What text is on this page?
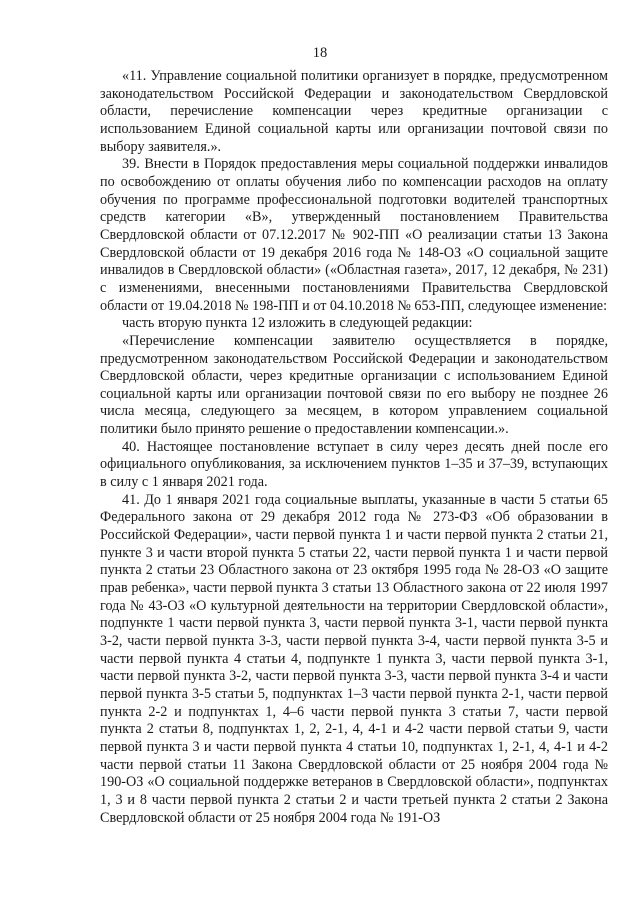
18

«11. Управление социальной политики организует в порядке, предусмотренном законодательством Российской Федерации и законодательством Свердловской области, перечисление компенсации через кредитные организации с использованием Единой социальной карты или организации почтовой связи по выбору заявителя.».

39. Внести в Порядок предоставления меры социальной поддержки инвалидов по освобождению от оплаты обучения либо по компенсации расходов на оплату обучения по программе профессиональной подготовки водителей транспортных средств категории «В», утвержденный постановлением Правительства Свердловской области от 07.12.2017 № 902-ПП «О реализации статьи 13 Закона Свердловской области от 19 декабря 2016 года № 148-ОЗ «О социальной защите инвалидов в Свердловской области» («Областная газета», 2017, 12 декабря, № 231) с изменениями, внесенными постановлениями Правительства Свердловской области от 19.04.2018 № 198-ПП и от 04.10.2018 № 653-ПП, следующее изменение:

часть вторую пункта 12 изложить в следующей редакции:

«Перечисление компенсации заявителю осуществляется в порядке, предусмотренном законодательством Российской Федерации и законодательством Свердловской области, через кредитные организации с использованием Единой социальной карты или организации почтовой связи по его выбору не позднее 26 числа месяца, следующего за месяцем, в котором управлением социальной политики было принято решение о предоставлении компенсации.».

40. Настоящее постановление вступает в силу через десять дней после его официального опубликования, за исключением пунктов 1–35 и 37–39, вступающих в силу с 1 января 2021 года.

41. До 1 января 2021 года социальные выплаты, указанные в части 5 статьи 65 Федерального закона от 29 декабря 2012 года № 273-ФЗ «Об образовании в Российской Федерации», части первой пункта 1 и части первой пункта 2 статьи 21, пункте 3 и части второй пункта 5 статьи 22, части первой пункта 1 и части первой пункта 2 статьи 23 Областного закона от 23 октября 1995 года № 28-ОЗ «О защите прав ребенка», части первой пункта 3 статьи 13 Областного закона от 22 июля 1997 года № 43-ОЗ «О культурной деятельности на территории Свердловской области», подпункте 1 части первой пункта 3, части первой пункта 3-1, части первой пункта 3-2, части первой пункта 3-3, части первой пункта 3-4, части первой пункта 3-5 и части первой пункта 4 статьи 4, подпункте 1 пункта 3, части первой пункта 3-1, части первой пункта 3-2, части первой пункта 3-3, части первой пункта 3-4 и части первой пункта 3-5 статьи 5, подпунктах 1–3 части первой пункта 2-1, части первой пункта 2-2 и подпунктах 1, 4–6 части первой пункта 3 статьи 7, части первой пункта 2 статьи 8, подпунктах 1, 2, 2-1, 4, 4-1 и 4-2 части первой статьи 9, части первой пункта 3 и части первой пункта 4 статьи 10, подпунктах 1, 2-1, 4, 4-1 и 4-2 части первой статьи 11 Закона Свердловской области от 25 ноября 2004 года № 190-ОЗ «О социальной поддержке ветеранов в Свердловской области», подпунктах 1, 3 и 8 части первой пункта 2 статьи 2 и части третьей пункта 2 статьи 2 Закона Свердловской области от 25 ноября 2004 года № 191-ОЗ
